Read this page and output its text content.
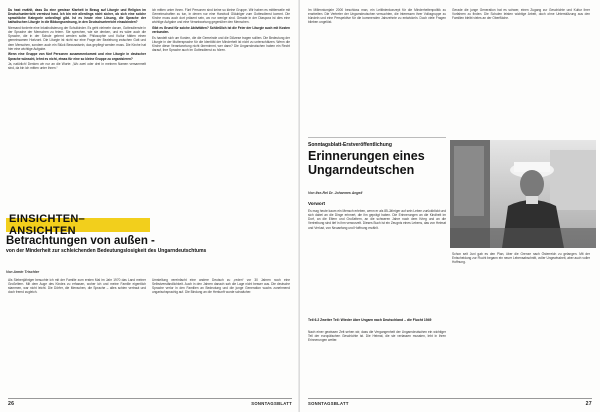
Du hast erzählt, dass Du eine gewisse Klarheit in Bezug auf Liturgie und Religion im Deutschunterricht vermisst hast. Ich bin mir allerdings nicht sicher, ob sich eine solche sprachliche Kategorie unbedingt gibt. Ist es heute eine Lösung, die Sprache der katholischen Liturgie in die Bildungsordnung, in den Deutschunterricht einzubinden?

Niemand forderte eine Inkatholisierung der Schulkinder. Es geht vielmehr darum, Gottesdienste in der Sprache der Menschen zu feiern. Sie sprechen, wie sie denken, und es wäre auch die Sprache, die in der Schule gelernt werden sollte. Philosophie und Kultur hätten einen gemeinsamen Horizont. Die Liturgie ist nicht nur eine Frage der Beziehung zwischen Gott und dem Menschen, sondern auch ein Stück Bewusstsein, das gepflegt werden muss. Die Kirche hat hier eine wichtige Aufgabe.

Wenn eine Gruppe von fünf Personen zusammenkommt und eine Liturgie in deutscher Sprache wünscht, lehnt es nicht, etwas für eine so kleine Gruppe zu organisieren?

Ja, natürlich! Denken wir nur an die Worte: „Wo zwei oder drei in meinem Namen versammelt sind, da bin ich mitten unter ihnen.“

ich mitten unter ihnen. Fünf Personen sind keine so kleine Gruppe. Wir haben es mittlerweile mit Gemeinschaften zu tun, in denen nur eine Handvoll Gläubiger zum Gottesdienst kommt. Die Kirche muss auch dort präsent sein, wo nur wenige sind. Gerade in der Diaspora ist dies eine wichtige Aufgabe und eine Verantwortung gegenüber den Menschen.

Gibt es Grund für solche Aktivitäten? Schließlich ist die Feier der Liturgie auch mit Kosten verbunden.

Es handelt sich um Kosten, die die Gemeinde und die Diözese tragen sollten. Die Bedeutung der Liturgie in der Muttersprache für die Identität der Minderheit ist nicht zu unterschätzen. Wenn die Kirche diese Verantwortung nicht übernimmt, wer dann? Die Ungarndeutschen haben ein Recht darauf, ihre Sprache auch im Gottesdienst zu hören.

EINSICHTEN–ANSICHTEN
Betrachtungen von außen -
von der Minderheit zur schleichenden Bedeutungslosigkeit des Ungarndeutschtums
Von Armin Trischler

Als Siebenjähriger besuchte ich mit der Familie zum ersten Mal im Jahr 1970 das Land meiner Großeltern. Mit dem Auge des Kindes zu erfassen, woher ich und meine Familie eigentlich stammen, war nicht leicht. Die Dörfer, die Menschen, die Sprache – alles schien vertraut und doch fremd zugleich.

Umstellung vereinfacht eine andere Deutsch zu „reden“ vor 30 Jahren noch eine Selbstverständlichkeit. Auch in den Jahren danach sah die Lage nicht besser aus. Die deutsche Sprache verlor in den Familien an Bedeutung und die junge Generation wuchs zunehmend ungarischsprachig auf. Die Bindung an die Herkunft wurde schwächer.

26	SONNTAGSBLATT

Im Millenniumjahr 2000 beschloss man, ein Leitlinienkonzept für die Minderheitenpolitik zu erarbeiten. Die Vertreter der Ungarndeutschen versuchten, die Interessen ihrer Volksgruppe zu bündeln und eine Perspektive für die kommenden Jahrzehnte zu entwickeln. Doch viele Fragen blieben ungelöst.

Gerade die junge Generation hat es schwer, einen Zugang zur Geschichte und Kultur ihrer Vorfahren zu finden. Die Schulen leisten wichtige Arbeit, doch ohne Unterstützung aus den Familien bleibt vieles an der Oberfläche.

Sonntagsblatt-Erstveröffentlichung
Erinnerungen eines Ungarndeutschen
Von Ilse-Rel Dr. Johannes Angeli
Vorwort

Es mag heute kaum ein Mensch erleben, wenn er als 85-Jähriger auf sein Leben zurückblickt und sich dabei an die Dinge erinnert, die ihn geprägt haben. Die Erinnerungen an die Kindheit im Dorf, an die Eltern und Großeltern, an die schweren Jahre nach dem Krieg und an die Vertreibung sind tief in ihm verwurzelt. Dieses Buch ist ein Zeugnis eines Lebens, das von Heimat und Verlust, von Neuanfang und Hoffnung erzählt.

Teil 6.2 Zweiter Teil: Wieder über Ungarn nach Deutschland – die Flucht 1949

Nach einer gewissen Zeit sehen wir, dass die Vergangenheit der Ungarndeutschen ein wichtiger Teil der europäischen Geschichte ist. Die Heimat, die sie verlassen mussten, lebt in ihren Erinnerungen weiter.

Schon seit Juni gab es den Plan, über die Grenze nach Österreich zu gelangen. Mit der Entscheidung zur Flucht begann ein neuer Lebensabschnitt, voller Ungewissheit, aber auch voller Hoffnung.

SONNTAGSBLATT	27
